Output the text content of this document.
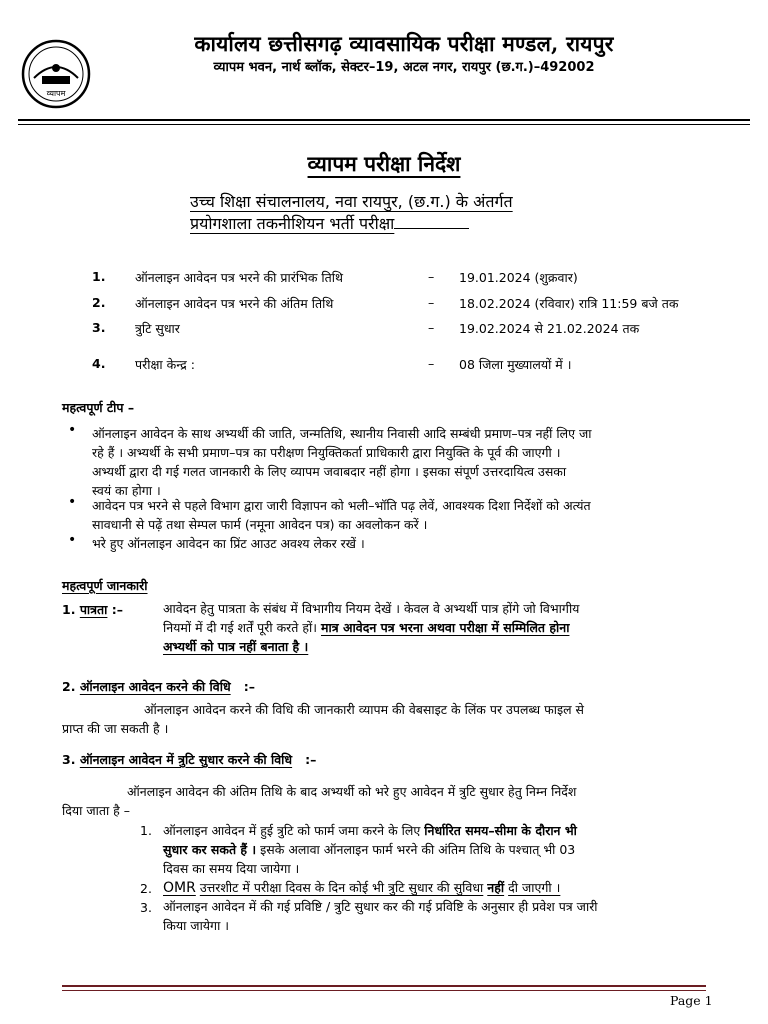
व्यापम
कार्यालय छत्तीसगढ़ व्यावसायिक परीक्षा मण्डल, रायपुर
व्यापम भवन, नार्थ ब्लॉक, सेक्टर–19, अटल नगर, रायपुर (छ.ग.)–492002
व्यापम परीक्षा निर्देश
उच्च शिक्षा संचालनालय, नवा रायपुर, (छ.ग.) के अंतर्गत
प्रयोगशाला तकनीशियन भर्ती परीक्षा
1. ऑनलाइन आवेदन पत्र भरने की प्रारंभिक तिथि	– 19.01.2024 (शुक्रवार)
2. ऑनलाइन आवेदन पत्र भरने की अंतिम तिथि	– 18.02.2024 (रविवार) रात्रि 11:59 बजे तक
3. त्रुटि सुधार	– 19.02.2024 से 21.02.2024 तक
4. परीक्षा केन्द्र :	– 08 जिला मुख्यालयों में ।
महत्वपूर्ण टीप –
• ऑनलाइन आवेदन के साथ अभ्यर्थी की जाति, जन्मतिथि, स्थानीय निवासी आदि सम्बंधी प्रमाण–पत्र नहीं लिए जा
रहे हैं । अभ्यर्थी के सभी प्रमाण–पत्र का परीक्षण नियुक्तिकर्ता प्राधिकारी द्वारा नियुक्ति के पूर्व की जाएगी ।
अभ्यर्थी द्वारा दी गई गलत जानकारी के लिए व्यापम जवाबदार नहीं होगा । इसका संपूर्ण उत्तरदायित्व उसका
स्वयं का होगा ।
• आवेदन पत्र भरने से पहले विभाग द्वारा जारी विज्ञापन को भली–भॉति पढ़ लेवें, आवश्यक दिशा निर्देशों को अत्यंत
सावधानी से पढ़ें तथा सेम्पल फार्म (नमूना आवेदन पत्र) का अवलोकन करें ।
• भरे हुए ऑनलाइन आवेदन का प्रिंट आउट अवश्य लेकर रखें ।
महत्वपूर्ण जानकारी
1. पात्रता :–	आवेदन हेतु पात्रता के संबंध में विभागीय नियम देखें । केवल वे अभ्यर्थी पात्र होंगे जो विभागीय
नियमों में दी गई शर्तें पूरी करते हों। मात्र आवेदन पत्र भरना अथवा परीक्षा में सम्मिलित होना
अभ्यर्थी को पात्र नहीं बनाता है ।
2. ऑनलाइन आवेदन करने की विधि :–
ऑनलाइन आवेदन करने की विधि की जानकारी व्यापम की वेबसाइट के लिंक पर उपलब्ध फाइल से
प्राप्त की जा सकती है ।
3. ऑनलाइन आवेदन में त्रुटि सुधार करने की विधि :–
ऑनलाइन आवेदन की अंतिम तिथि के बाद अभ्यर्थी को भरे हुए आवेदन में त्रुटि सुधार हेतु निम्न निर्देश
दिया जाता है –
1. ऑनलाइन आवेदन में हुई त्रुटि को फार्म जमा करने के लिए निर्धारित समय–सीमा के दौरान भी
सुधार कर सकते हैं । इसके अलावा ऑनलाइन फार्म भरने की अंतिम तिथि के पश्चात् भी 03
दिवस का समय दिया जायेगा ।
2. OMR उत्तरशीट में परीक्षा दिवस के दिन कोई भी त्रुटि सुधार की सुविधा नहीं दी जाएगी ।
3. ऑनलाइन आवेदन में की गई प्रविष्टि / त्रुटि सुधार कर की गई प्रविष्टि के अनुसार ही प्रवेश पत्र जारी
किया जायेगा ।
Page 1
